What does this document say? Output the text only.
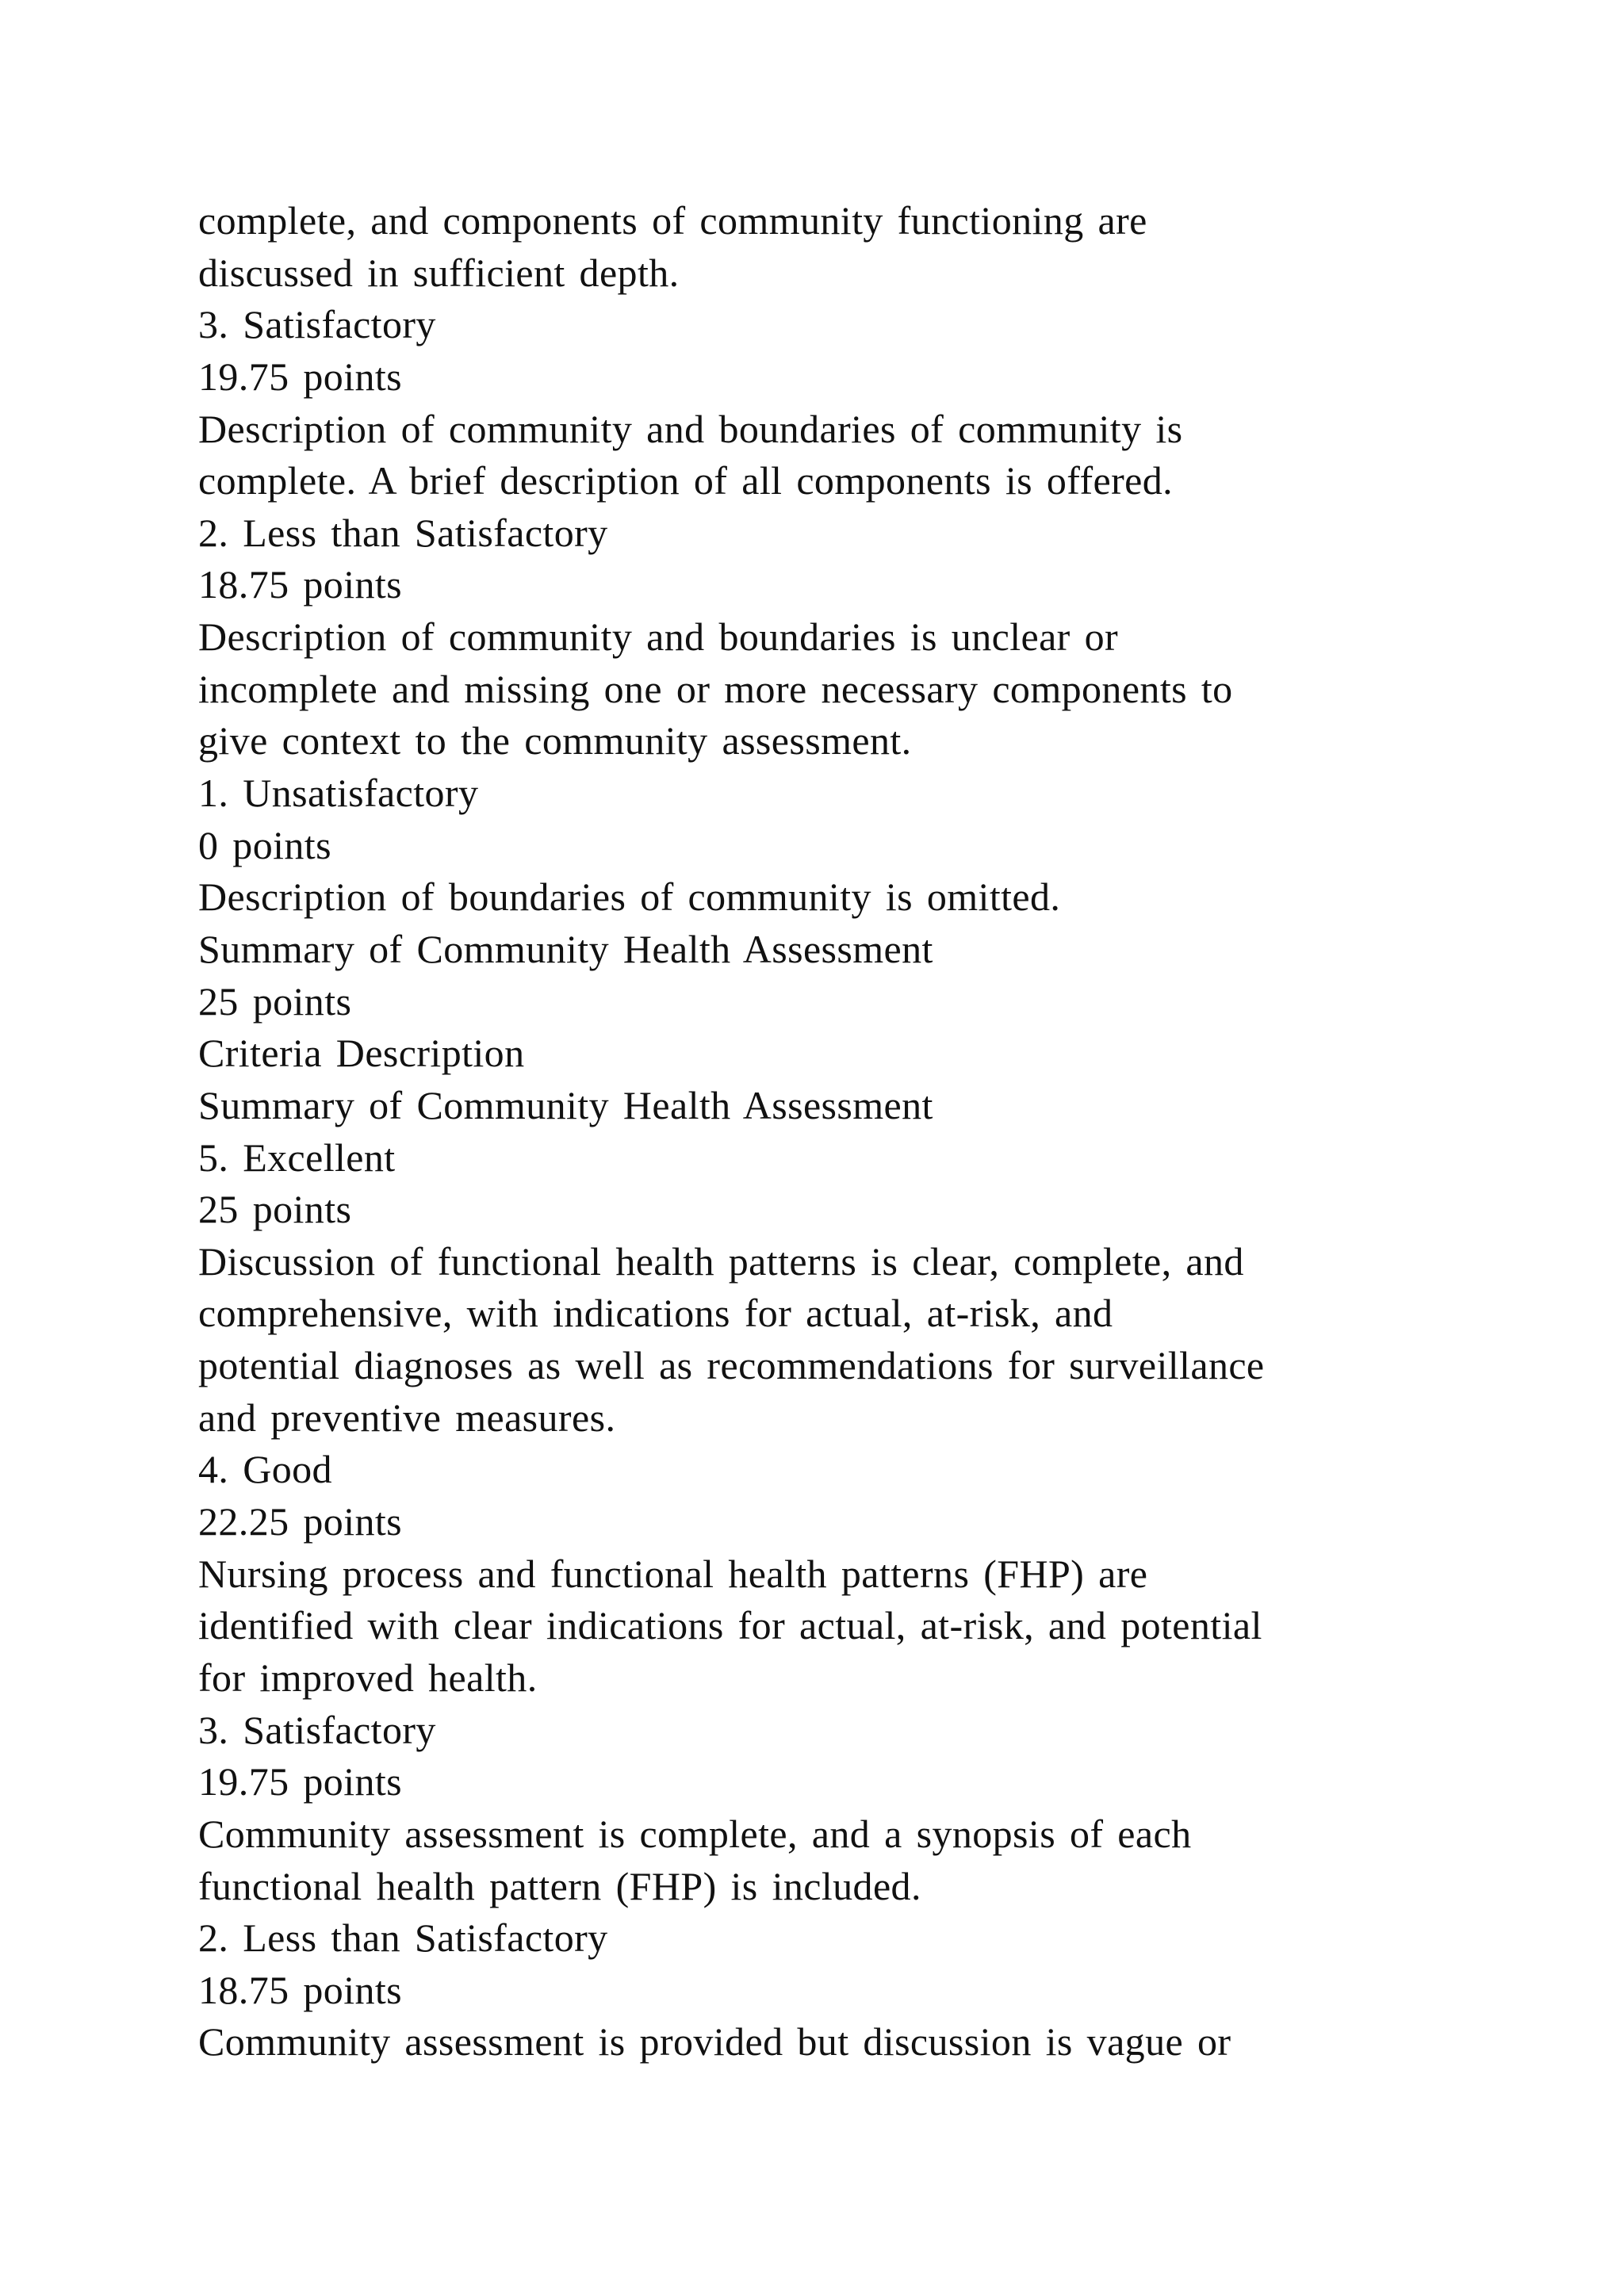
complete, and components of community functioning are
discussed in sufficient depth.
3. Satisfactory
19.75 points
Description of community and boundaries of community is
complete. A brief description of all components is offered.
2. Less than Satisfactory
18.75 points
Description of community and boundaries is unclear or
incomplete and missing one or more necessary components to
give context to the community assessment.
1. Unsatisfactory
0 points
Description of boundaries of community is omitted.
Summary of Community Health Assessment
25 points
Criteria Description
Summary of Community Health Assessment
5. Excellent
25 points
Discussion of functional health patterns is clear, complete, and
comprehensive, with indications for actual, at-risk, and
potential diagnoses as well as recommendations for surveillance
and preventive measures.
4. Good
22.25 points
Nursing process and functional health patterns (FHP) are
identified with clear indications for actual, at-risk, and potential
for improved health.
3. Satisfactory
19.75 points
Community assessment is complete, and a synopsis of each
functional health pattern (FHP) is included.
2. Less than Satisfactory
18.75 points
Community assessment is provided but discussion is vague or
